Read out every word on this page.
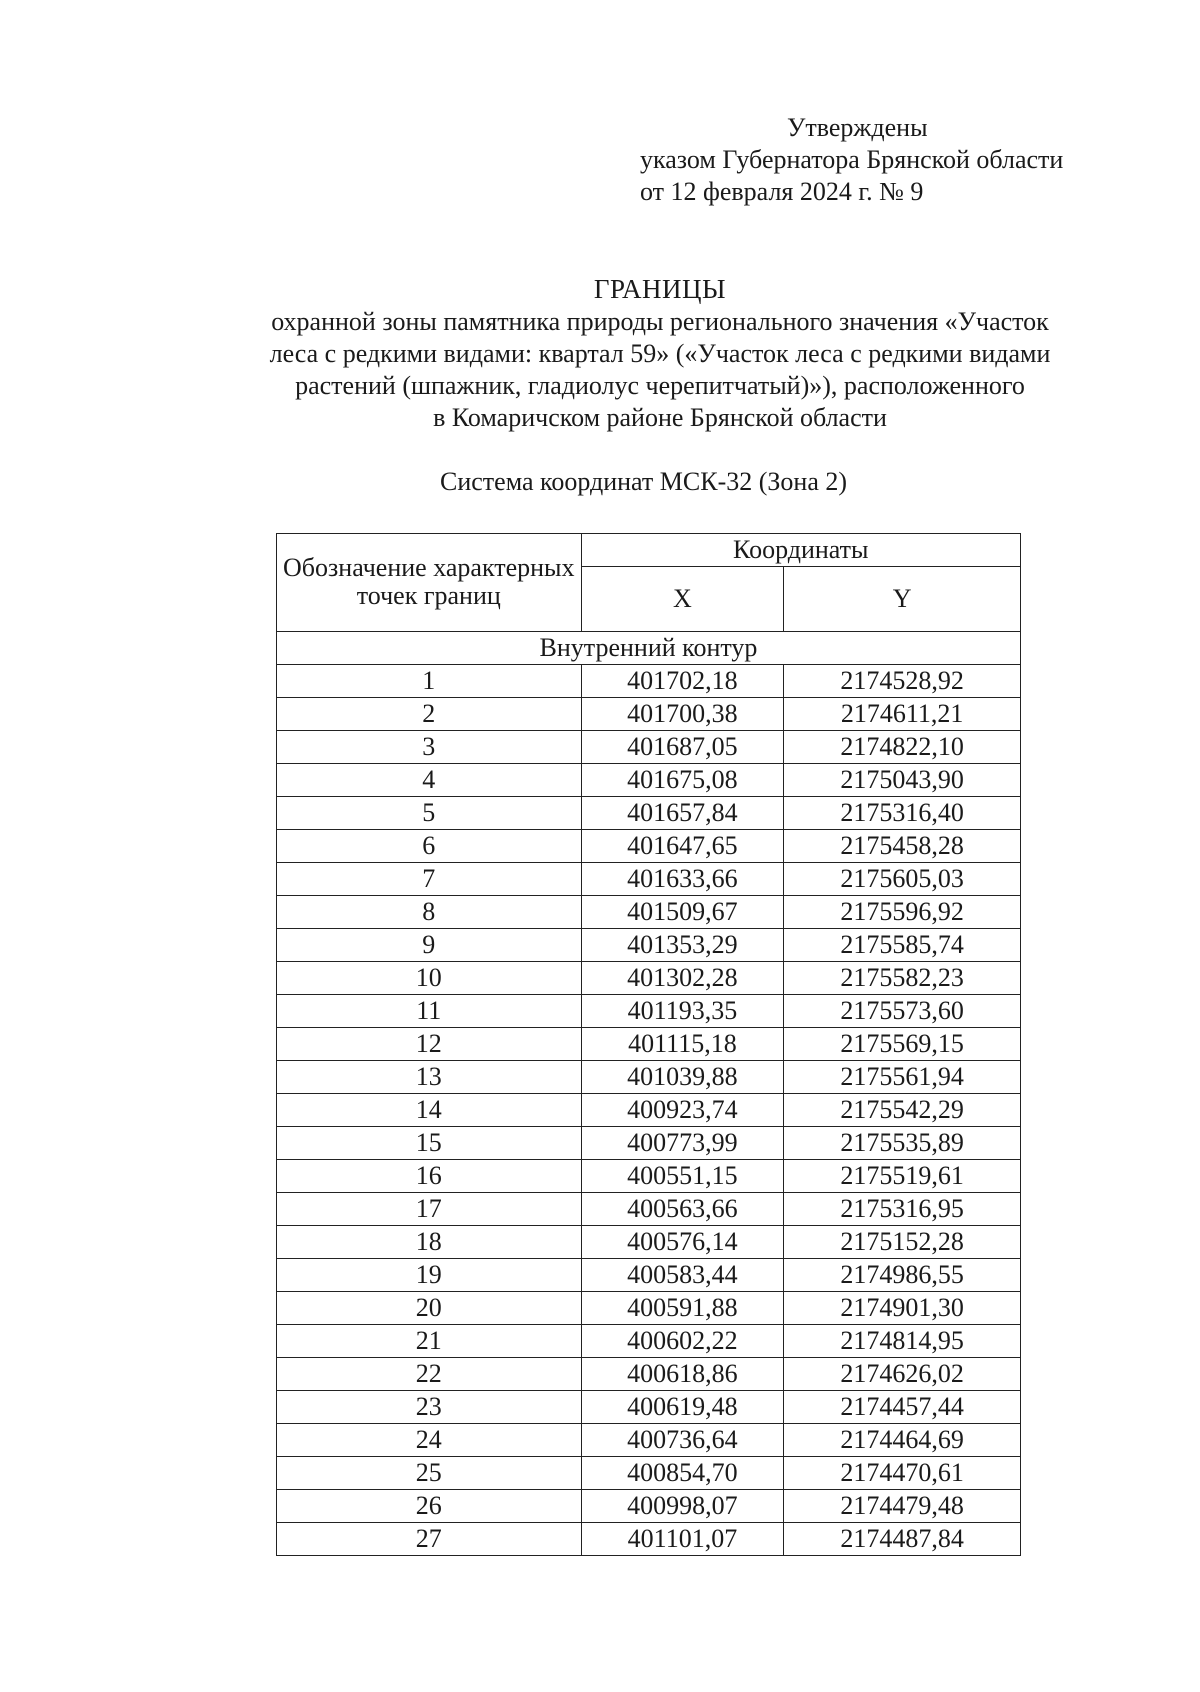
Утверждены
указом Губернатора Брянской области
от 12 февраля 2024 г. № 9
ГРАНИЦЫ
охранной зоны памятника природы регионального значения «Участок
леса с редкими видами: квартал 59» («Участок леса с редкими видами
растений (шпажник, гладиолус черепитчатый)»), расположенного
в Комаричском районе Брянской области
Система координат МСК-32 (Зона 2)
Обозначение характерных точек границ	Координаты	
	X	Y
Внутренний контур		
1	401702,18	2174528,92
2	401700,38	2174611,21
3	401687,05	2174822,10
4	401675,08	2175043,90
5	401657,84	2175316,40
6	401647,65	2175458,28
7	401633,66	2175605,03
8	401509,67	2175596,92
9	401353,29	2175585,74
10	401302,28	2175582,23
11	401193,35	2175573,60
12	401115,18	2175569,15
13	401039,88	2175561,94
14	400923,74	2175542,29
15	400773,99	2175535,89
16	400551,15	2175519,61
17	400563,66	2175316,95
18	400576,14	2175152,28
19	400583,44	2174986,55
20	400591,88	2174901,30
21	400602,22	2174814,95
22	400618,86	2174626,02
23	400619,48	2174457,44
24	400736,64	2174464,69
25	400854,70	2174470,61
26	400998,07	2174479,48
27	401101,07	2174487,84
